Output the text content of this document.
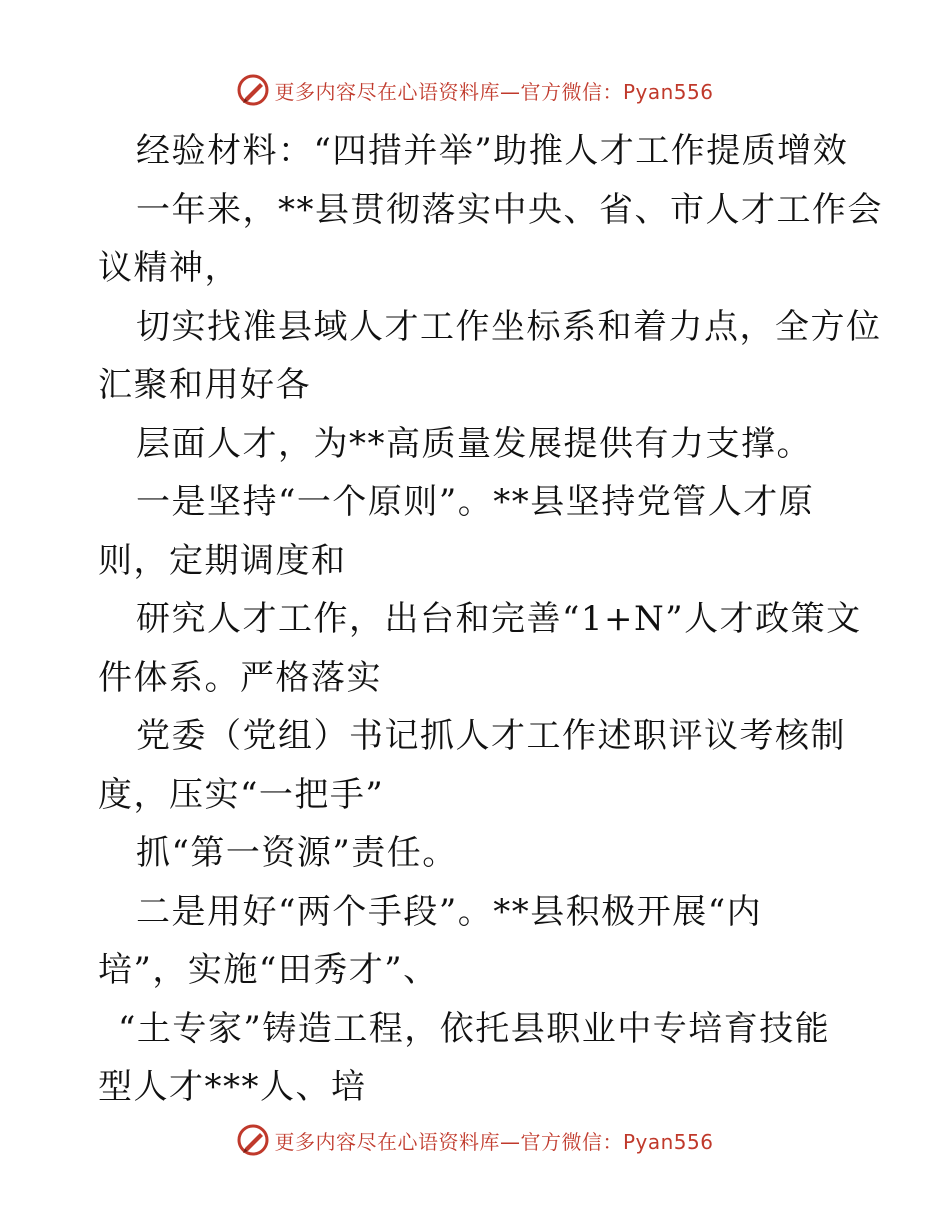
更多内容尽在心语资料库—官方微信：Pyan556
经验材料：“四措并举”助推人才工作提质增效
一年来，**县贯彻落实中央、省、市人才工作会
议精神，
切实找准县域人才工作坐标系和着力点，全方位
汇聚和用好各
层面人才，为**高质量发展提供有力支撑。
一是坚持“一个原则”。**县坚持党管人才原
则，定期调度和
研究人才工作，出台和完善“1+N”人才政策文
件体系。严格落实
党委（党组）书记抓人才工作述职评议考核制
度，压实“一把手”
抓“第一资源”责任。
二是用好“两个手段”。**县积极开展“内
培”，实施“田秀才”、
“土专家”铸造工程，依托县职业中专培育技能
型人才***人、培
更多内容尽在心语资料库—官方微信：Pyan556
